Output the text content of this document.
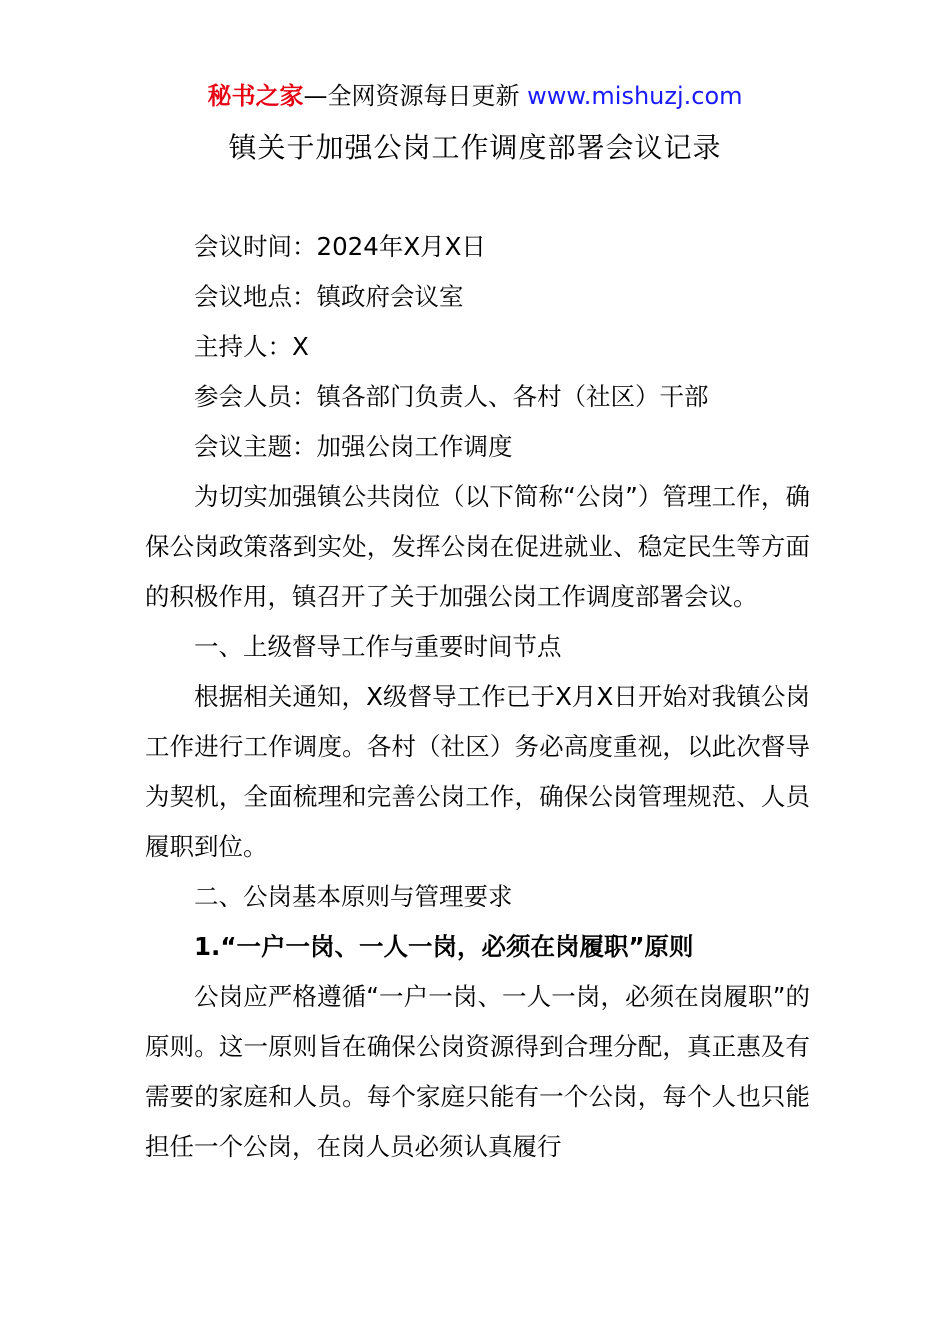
秘书之家—全网资源每日更新 www.mishuzj.com
镇关于加强公岗工作调度部署会议记录
会议时间：2024年X月X日
会议地点：镇政府会议室
主持人：X
参会人员：镇各部门负责人、各村（社区）干部
会议主题：加强公岗工作调度

为切实加强镇公共岗位（以下简称“公岗”）管理工作，确保公岗政策落到实处，发挥公岗在促进就业、稳定民生等方面的积极作用，镇召开了关于加强公岗工作调度部署会议。

一、上级督导工作与重要时间节点

根据相关通知，X级督导工作已于X月X日开始对我镇公岗工作进行工作调度。各村（社区）务必高度重视，以此次督导为契机，全面梳理和完善公岗工作，确保公岗管理规范、人员履职到位。

二、公岗基本原则与管理要求
1.“一户一岗、一人一岗，必须在岗履职”原则

公岗应严格遵循“一户一岗、一人一岗，必须在岗履职”的原则。这一原则旨在确保公岗资源得到合理分配，真正惠及有需要的家庭和人员。每个家庭只能有一个公岗，每个人也只能担任一个公岗，在岗人员必须认真履行
